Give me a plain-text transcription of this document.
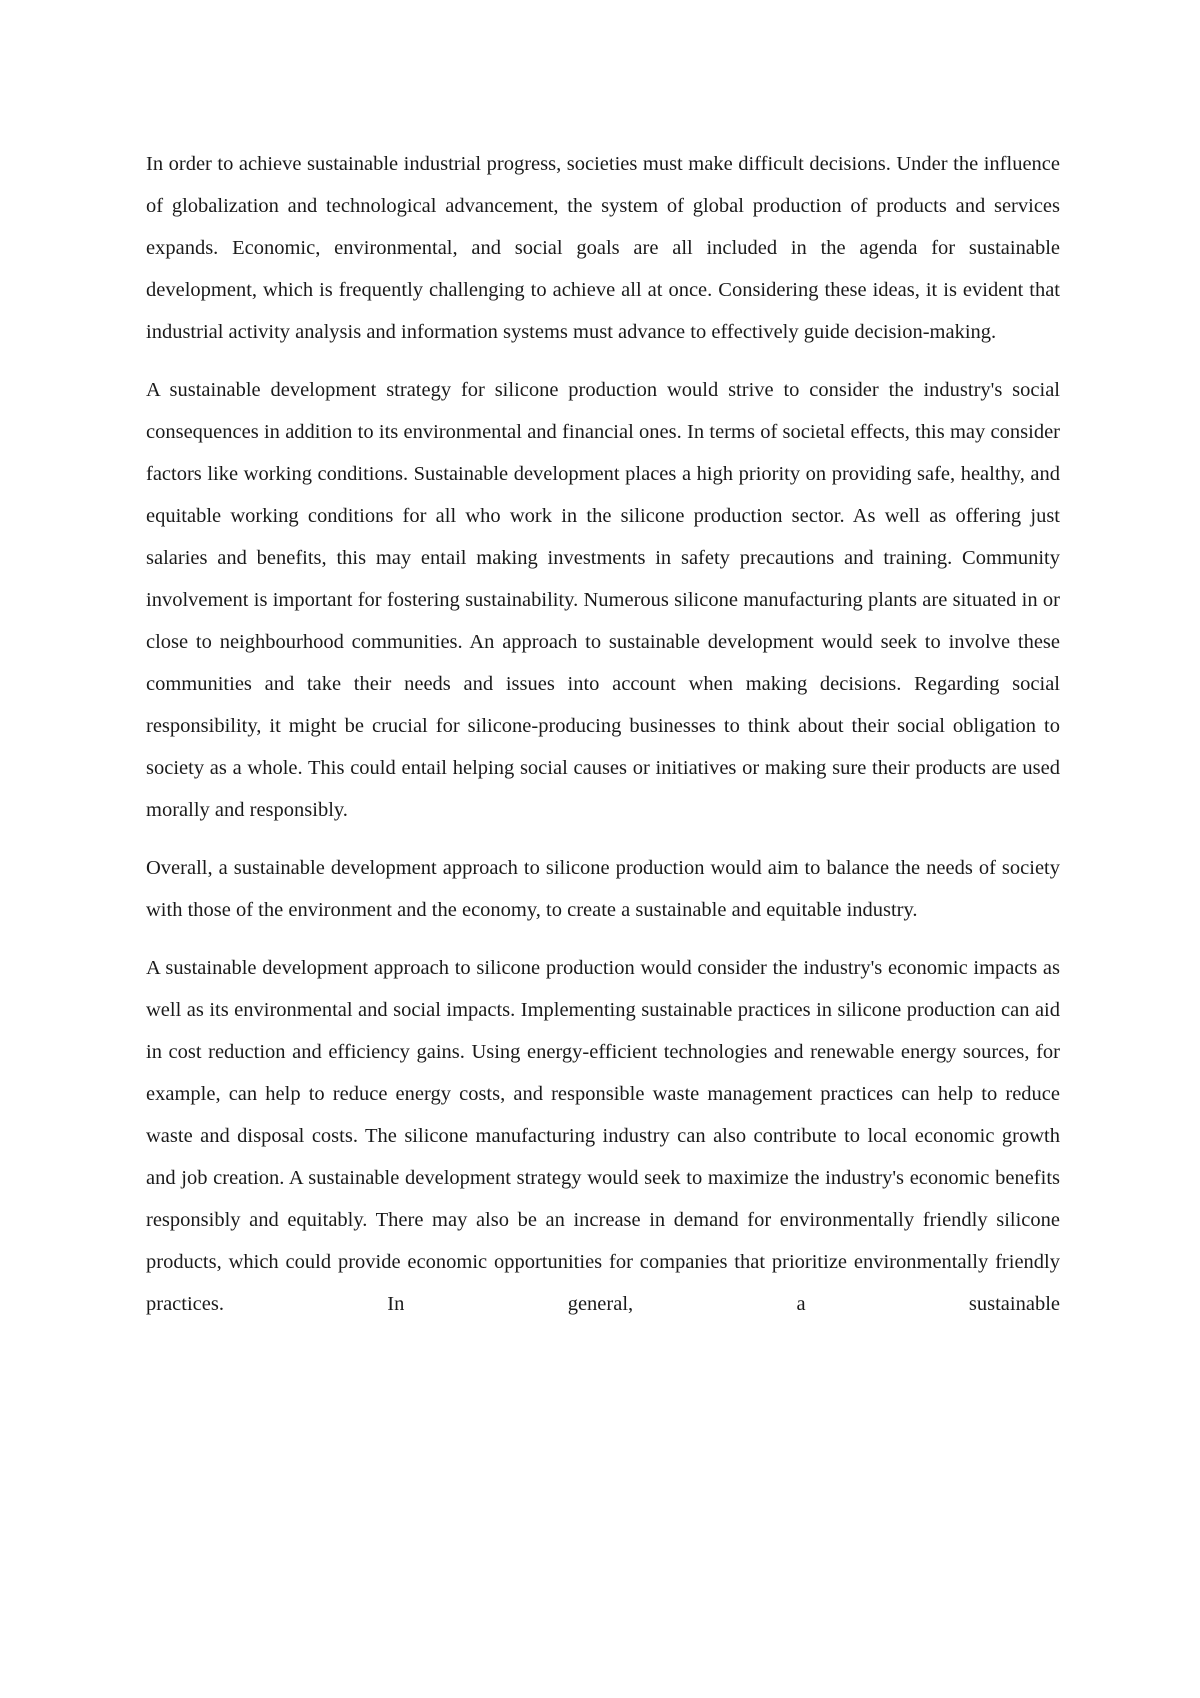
In order to achieve sustainable industrial progress, societies must make difficult decisions. Under the influence of globalization and technological advancement, the system of global production of products and services expands. Economic, environmental, and social goals are all included in the agenda for sustainable development, which is frequently challenging to achieve all at once. Considering these ideas, it is evident that industrial activity analysis and information systems must advance to effectively guide decision-making.

A sustainable development strategy for silicone production would strive to consider the industry's social consequences in addition to its environmental and financial ones. In terms of societal effects, this may consider factors like working conditions. Sustainable development places a high priority on providing safe, healthy, and equitable working conditions for all who work in the silicone production sector. As well as offering just salaries and benefits, this may entail making investments in safety precautions and training. Community involvement is important for fostering sustainability. Numerous silicone manufacturing plants are situated in or close to neighbourhood communities. An approach to sustainable development would seek to involve these communities and take their needs and issues into account when making decisions. Regarding social responsibility, it might be crucial for silicone-producing businesses to think about their social obligation to society as a whole. This could entail helping social causes or initiatives or making sure their products are used morally and responsibly.

Overall, a sustainable development approach to silicone production would aim to balance the needs of society with those of the environment and the economy, to create a sustainable and equitable industry.

A sustainable development approach to silicone production would consider the industry's economic impacts as well as its environmental and social impacts. Implementing sustainable practices in silicone production can aid in cost reduction and efficiency gains. Using energy-efficient technologies and renewable energy sources, for example, can help to reduce energy costs, and responsible waste management practices can help to reduce waste and disposal costs. The silicone manufacturing industry can also contribute to local economic growth and job creation. A sustainable development strategy would seek to maximize the industry's economic benefits responsibly and equitably. There may also be an increase in demand for environmentally friendly silicone products, which could provide economic opportunities for companies that prioritize environmentally friendly practices. In general, a sustainable
